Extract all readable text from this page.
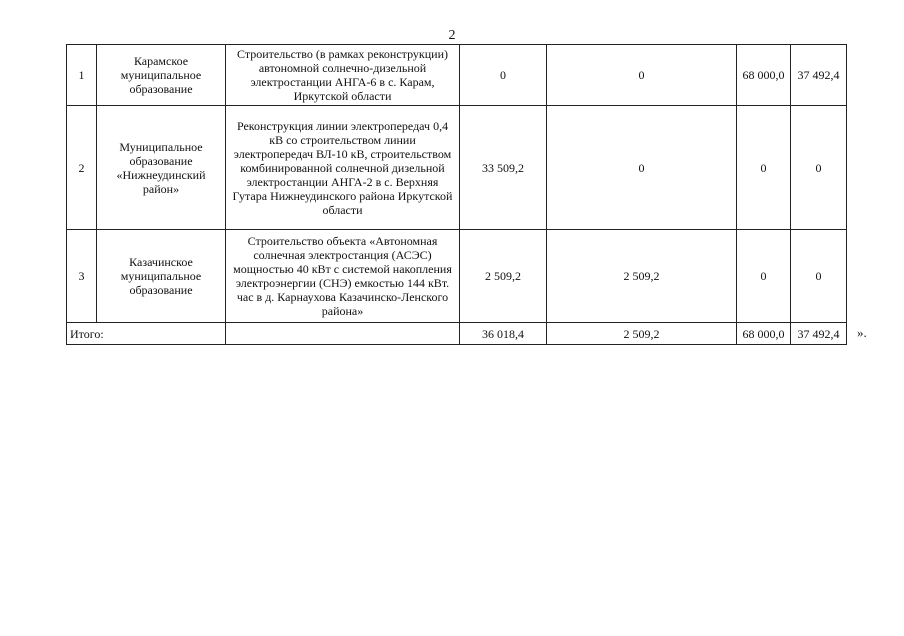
2
1	Карамское муниципальное образование	Строительство (в рамках реконструкции) автономной солнечно-дизельной электростанции АНГА-6 в с. Карам, Иркутской области	0	0	68 000,0	37 492,4
2	Муниципальное образование «Нижнеудинский район»	Реконструкция линии электропередач 0,4 кВ со строительством линии электропередач ВЛ-10 кВ, строительством комбинированной солнечной дизельной электростанции АНГА-2 в с. Верхняя Гутара Нижнеудинского района Иркутской области	33 509,2	0	0	0
3	Казачинское муниципальное образование	Строительство объекта «Автономная солнечная электростанция (АСЭС) мощностью 40 кВт с системой накопления электроэнергии (СНЭ) емкостью 144 кВт. час в д. Карнаухова Казачинско-Ленского района»	2 509,2	2 509,2	0	0
Итого:			36 018,4	2 509,2	68 000,0	37 492,4 ».
